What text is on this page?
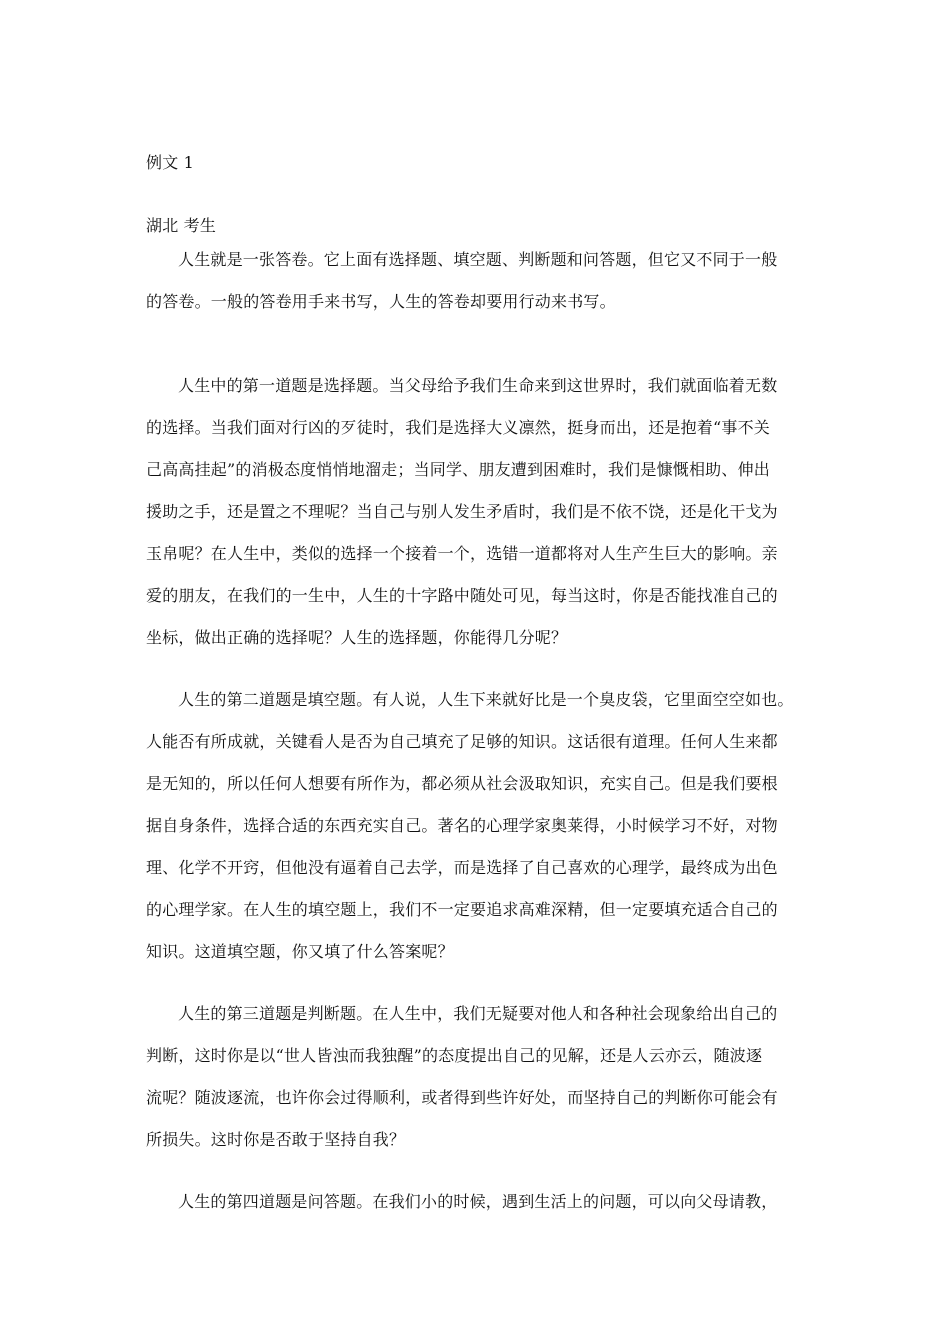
例文 1
湖北 考生
人生就是一张答卷。它上面有选择题、填空题、判断题和问答题，但它又不同于一般
的答卷。一般的答卷用手来书写，人生的答卷却要用行动来书写。
人生中的第一道题是选择题。当父母给予我们生命来到这世界时，我们就面临着无数
的选择。当我们面对行凶的歹徒时，我们是选择大义凛然，挺身而出，还是抱着“事不关
己高高挂起”的消极态度悄悄地溜走；当同学、朋友遭到困难时，我们是慷慨相助、伸出
援助之手，还是置之不理呢？当自己与别人发生矛盾时，我们是不依不饶，还是化干戈为
玉帛呢？在人生中，类似的选择一个接着一个，选错一道都将对人生产生巨大的影响。亲
爱的朋友，在我们的一生中，人生的十字路中随处可见，每当这时，你是否能找准自己的
坐标，做出正确的选择呢？人生的选择题，你能得几分呢？
人生的第二道题是填空题。有人说，人生下来就好比是一个臭皮袋，它里面空空如也。
人能否有所成就，关键看人是否为自己填充了足够的知识。这话很有道理。任何人生来都
是无知的，所以任何人想要有所作为，都必须从社会汲取知识，充实自己。但是我们要根
据自身条件，选择合适的东西充实自己。著名的心理学家奥莱得，小时候学习不好，对物
理、化学不开窍，但他没有逼着自己去学，而是选择了自己喜欢的心理学，最终成为出色
的心理学家。在人生的填空题上，我们不一定要追求高难深精，但一定要填充适合自己的
知识。这道填空题，你又填了什么答案呢？
人生的第三道题是判断题。在人生中，我们无疑要对他人和各种社会现象给出自己的
判断，这时你是以“世人皆浊而我独醒”的态度提出自己的见解，还是人云亦云，随波逐
流呢？随波逐流，也许你会过得顺利，或者得到些许好处，而坚持自己的判断你可能会有
所损失。这时你是否敢于坚持自我？
人生的第四道题是问答题。在我们小的时候，遇到生活上的问题，可以向父母请教，
